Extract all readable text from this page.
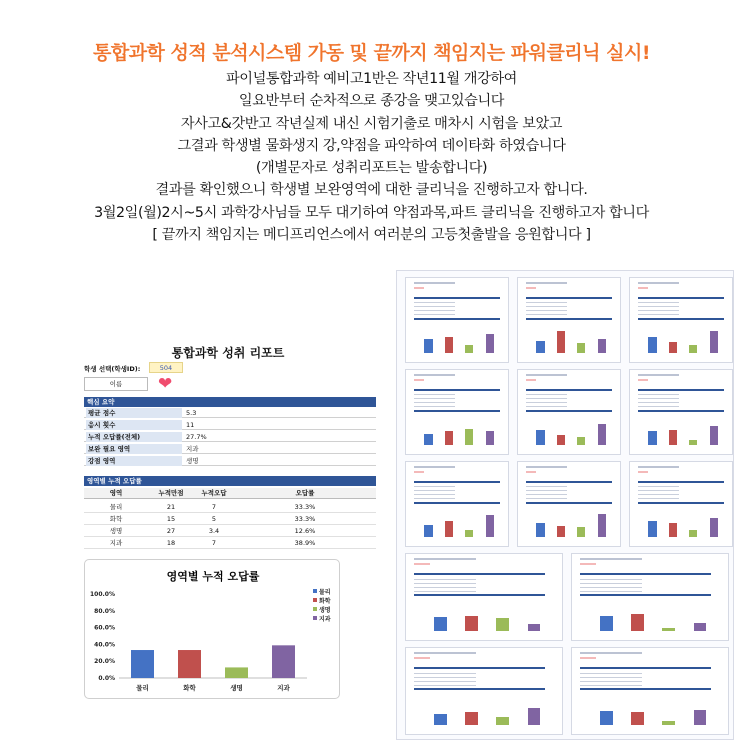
통합과학 성적 분석시스템 가동 및 끝까지 책임지는 파워클리닉 실시!
파이널통합과학 예비고1반은 작년11월 개강하여
일요반부터 순차적으로 종강을 맺고있습니다
자사고&갓반고 작년실제 내신 시험기출로 매차시 시험을 보았고
그결과 학생별 물화생지 강,약점을 파악하여 데이타화 하였습니다
(개별문자로 성취리포트는 발송합니다)
결과를 확인했으니 학생별 보완영역에 대한 클리닉을 진행하고자 합니다.
3월2일(월)2시~5시 과학강사님들 모두 대기하여 약점과목,파트 클리닉을 진행하고자 합니다
[ 끝까지 책임지는 메디프리언스에서 여러분의 고등첫출발을 응원합니다 ]
통합과학 성취 리포트
학생 선택(학생ID):	504
이름	❤
핵심 요약
평균 점수	5.3
응시 횟수	11
누적 오답률(전체)	27.7%
보완 필요 영역	지과
강점 영역	생명
영역별 누적 오답률
영역	누적만점	누적오답	오답률
물리	21	7	33.3%
화학	15	5	33.3%
생명	27	3.4	12.6%
지과	18	7	38.9%
영역별 누적 오답률
0.0%
20.0%
40.0%
60.0%
80.0%
100.0%
물리	화학	생명	지과
물리
화학
생명
지과
